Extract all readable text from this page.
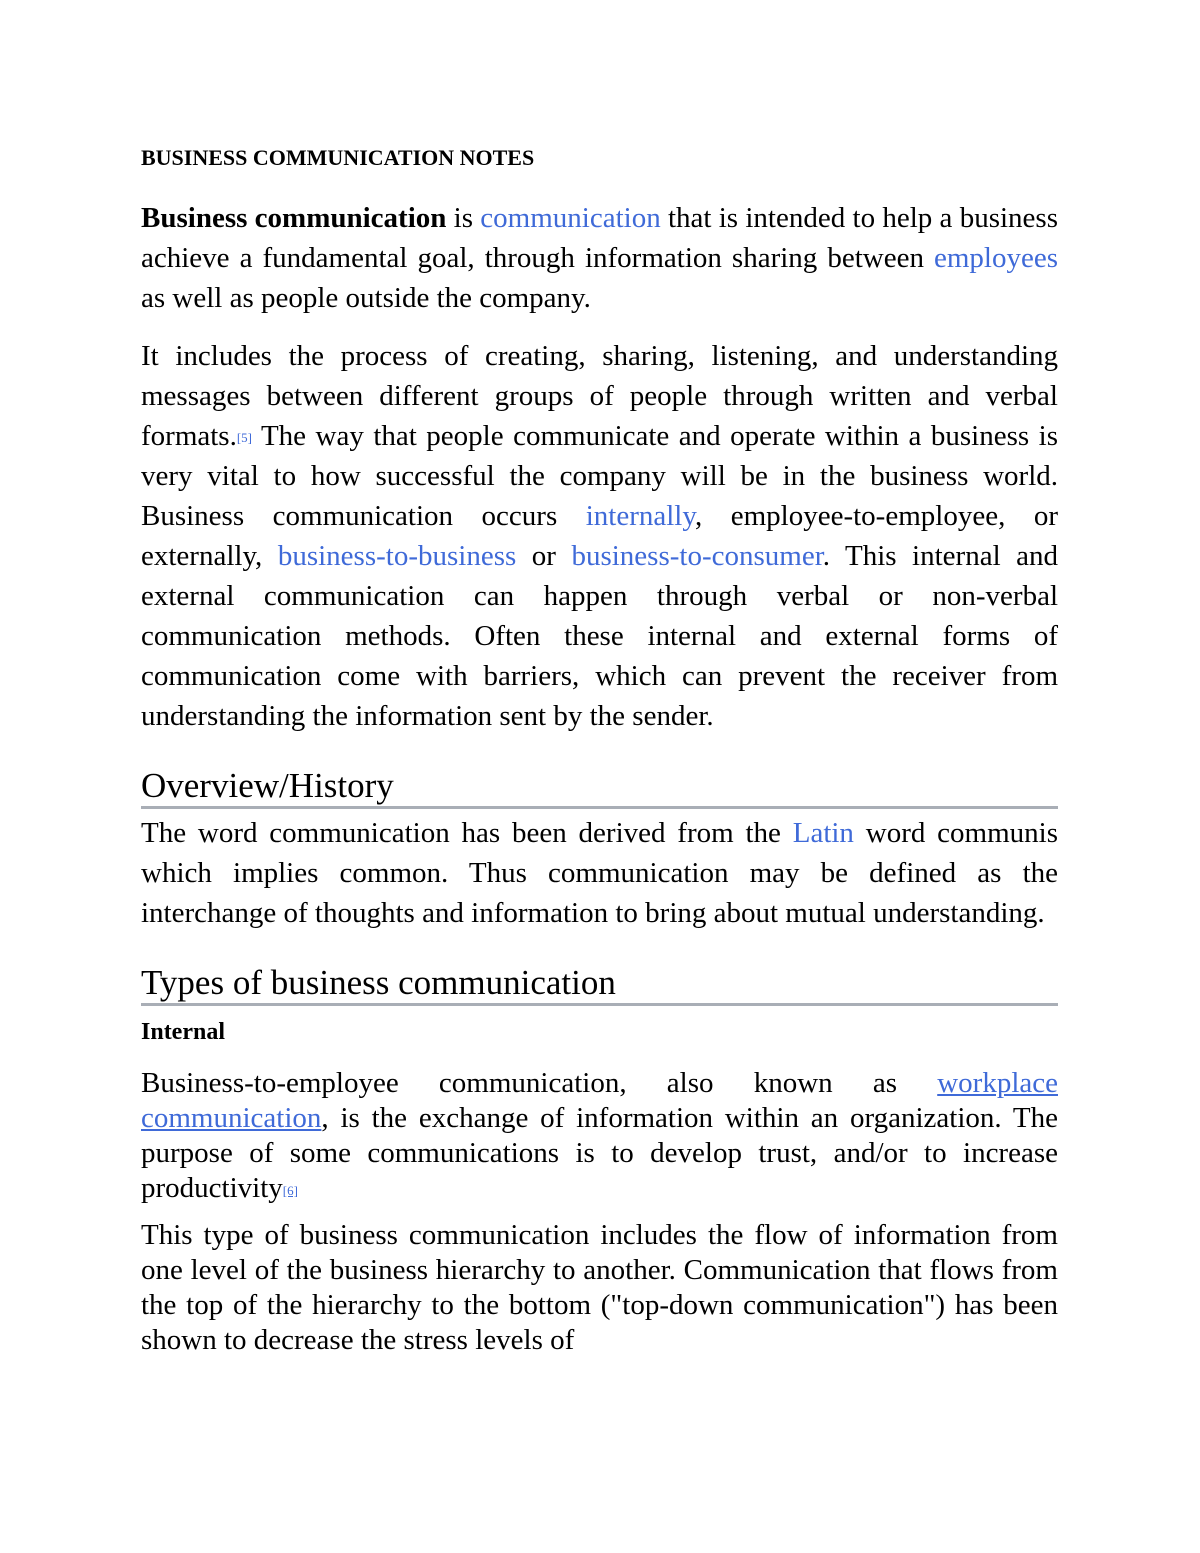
BUSINESS COMMUNICATION NOTES

Business communication is communication that is intended to help a business achieve a fundamental goal, through information sharing between employees as well as people outside the company.

It includes the process of creating, sharing, listening, and understanding messages between different groups of people through written and verbal formats.[5] The way that people communicate and operate within a business is very vital to how successful the company will be in the business world. Business communication occurs internally, employee-to-employee, or externally, business-to-business or business-to-consumer. This internal and external communication can happen through verbal or non-verbal communication methods. Often these internal and external forms of communication come with barriers, which can prevent the receiver from understanding the information sent by the sender.

Overview/History

The word communication has been derived from the Latin word communis which implies common. Thus communication may be defined as the interchange of thoughts and information to bring about mutual understanding.

Types of business communication
Internal

Business-to-employee communication, also known as workplace communication, is the exchange of information within an organization. The purpose of some communications is to develop trust, and/or to increase productivity[6]

This type of business communication includes the flow of information from one level of the business hierarchy to another. Communication that flows from the top of the hierarchy to the bottom ("top-down communication") has been shown to decrease the stress levels of
